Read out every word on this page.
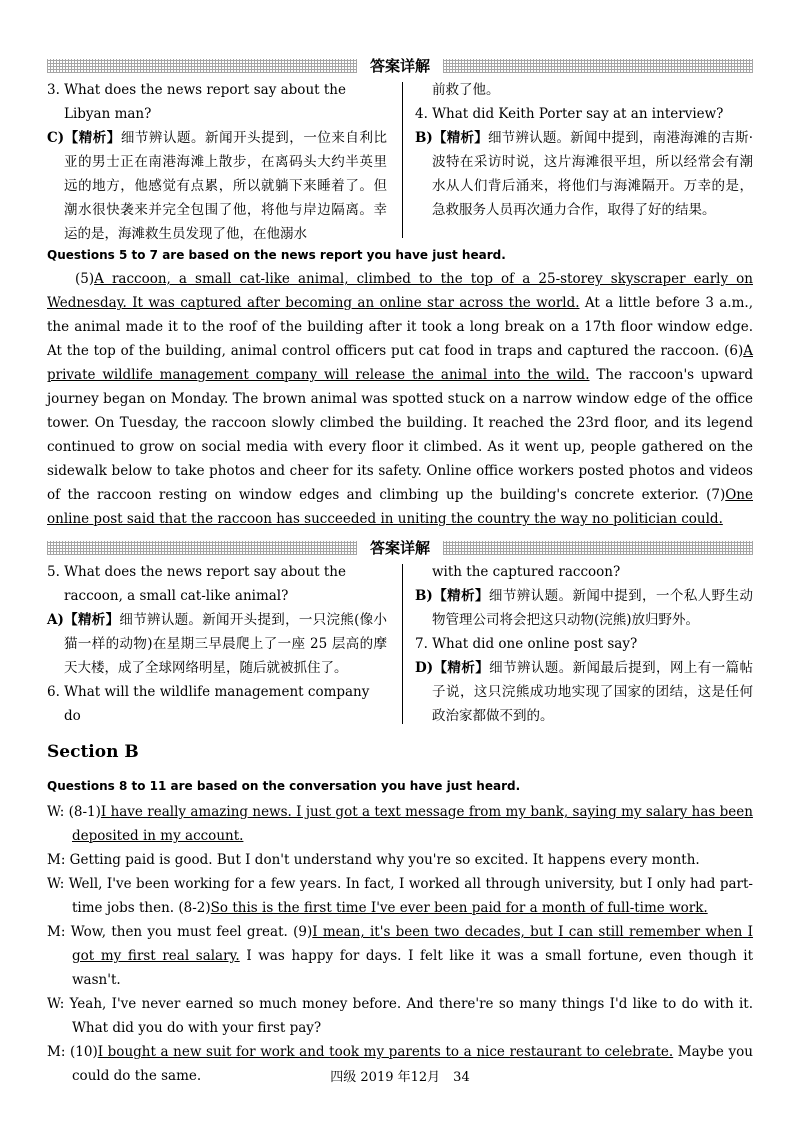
答案详解

3. What does the news report say about the Libyan man?

C)【精析】细节辨认题。新闻开头提到，一位来自利比亚的男士正在南港海滩上散步，在离码头大约半英里远的地方，他感觉有点累，所以就躺下来睡着了。但潮水很快袭来并完全包围了他，将他与岸边隔离。幸运的是，海滩救生员发现了他，在他溺水

前救了他。

4. What did Keith Porter say at an interview?

B)【精析】细节辨认题。新闻中提到，南港海滩的吉斯·波特在采访时说，这片海滩很平坦，所以经常会有潮水从人们背后涌来，将他们与海滩隔开。万幸的是，急救服务人员再次通力合作，取得了好的结果。

Questions 5 to 7 are based on the news report you have just heard.
(5)A raccoon, a small cat-like animal, climbed to the top of a 25-storey skyscraper early on Wednesday. It was captured after becoming an online star across the world. At a little before 3 a.m., the animal made it to the roof of the building after it took a long break on a 17th floor window edge. At the top of the building, animal control officers put cat food in traps and captured the raccoon. (6)A private wildlife management company will release the animal into the wild. The raccoon's upward journey began on Monday. The brown animal was spotted stuck on a narrow window edge of the office tower. On Tuesday, the raccoon slowly climbed the building. It reached the 23rd floor, and its legend continued to grow on social media with every floor it climbed. As it went up, people gathered on the sidewalk below to take photos and cheer for its safety. Online office workers posted photos and videos of the raccoon resting on window edges and climbing up the building's concrete exterior. (7)One online post said that the raccoon has succeeded in uniting the country the way no politician could.
答案详解

5. What does the news report say about the raccoon, a small cat-like animal?

A)【精析】细节辨认题。新闻开头提到，一只浣熊(像小猫一样的动物)在星期三早晨爬上了一座 25 层高的摩天大楼，成了全球网络明星，随后就被抓住了。

6. What will the wildlife management company do

with the captured raccoon?

B)【精析】细节辨认题。新闻中提到，一个私人野生动物管理公司将会把这只动物(浣熊)放归野外。

7. What did one online post say?

D)【精析】细节辨认题。新闻最后提到，网上有一篇帖子说，这只浣熊成功地实现了国家的团结，这是任何政治家都做不到的。

Section B
Questions 8 to 11 are based on the conversation you have just heard.

W: (8-1)I have really amazing news. I just got a text message from my bank, saying my salary has been deposited in my account.

M: Getting paid is good. But I don't understand why you're so excited. It happens every month.

W: Well, I've been working for a few years. In fact, I worked all through university, but I only had part-time jobs then. (8-2)So this is the first time I've ever been paid for a month of full-time work.

M: Wow, then you must feel great. (9)I mean, it's been two decades, but I can still remember when I got my first real salary. I was happy for days. I felt like it was a small fortune, even though it wasn't.

W: Yeah, I've never earned so much money before. And there're so many things I'd like to do with it. What did you do with your first pay?

M: (10)I bought a new suit for work and took my parents to a nice restaurant to celebrate. Maybe you could do the same.	四级 2019 年12月　34
